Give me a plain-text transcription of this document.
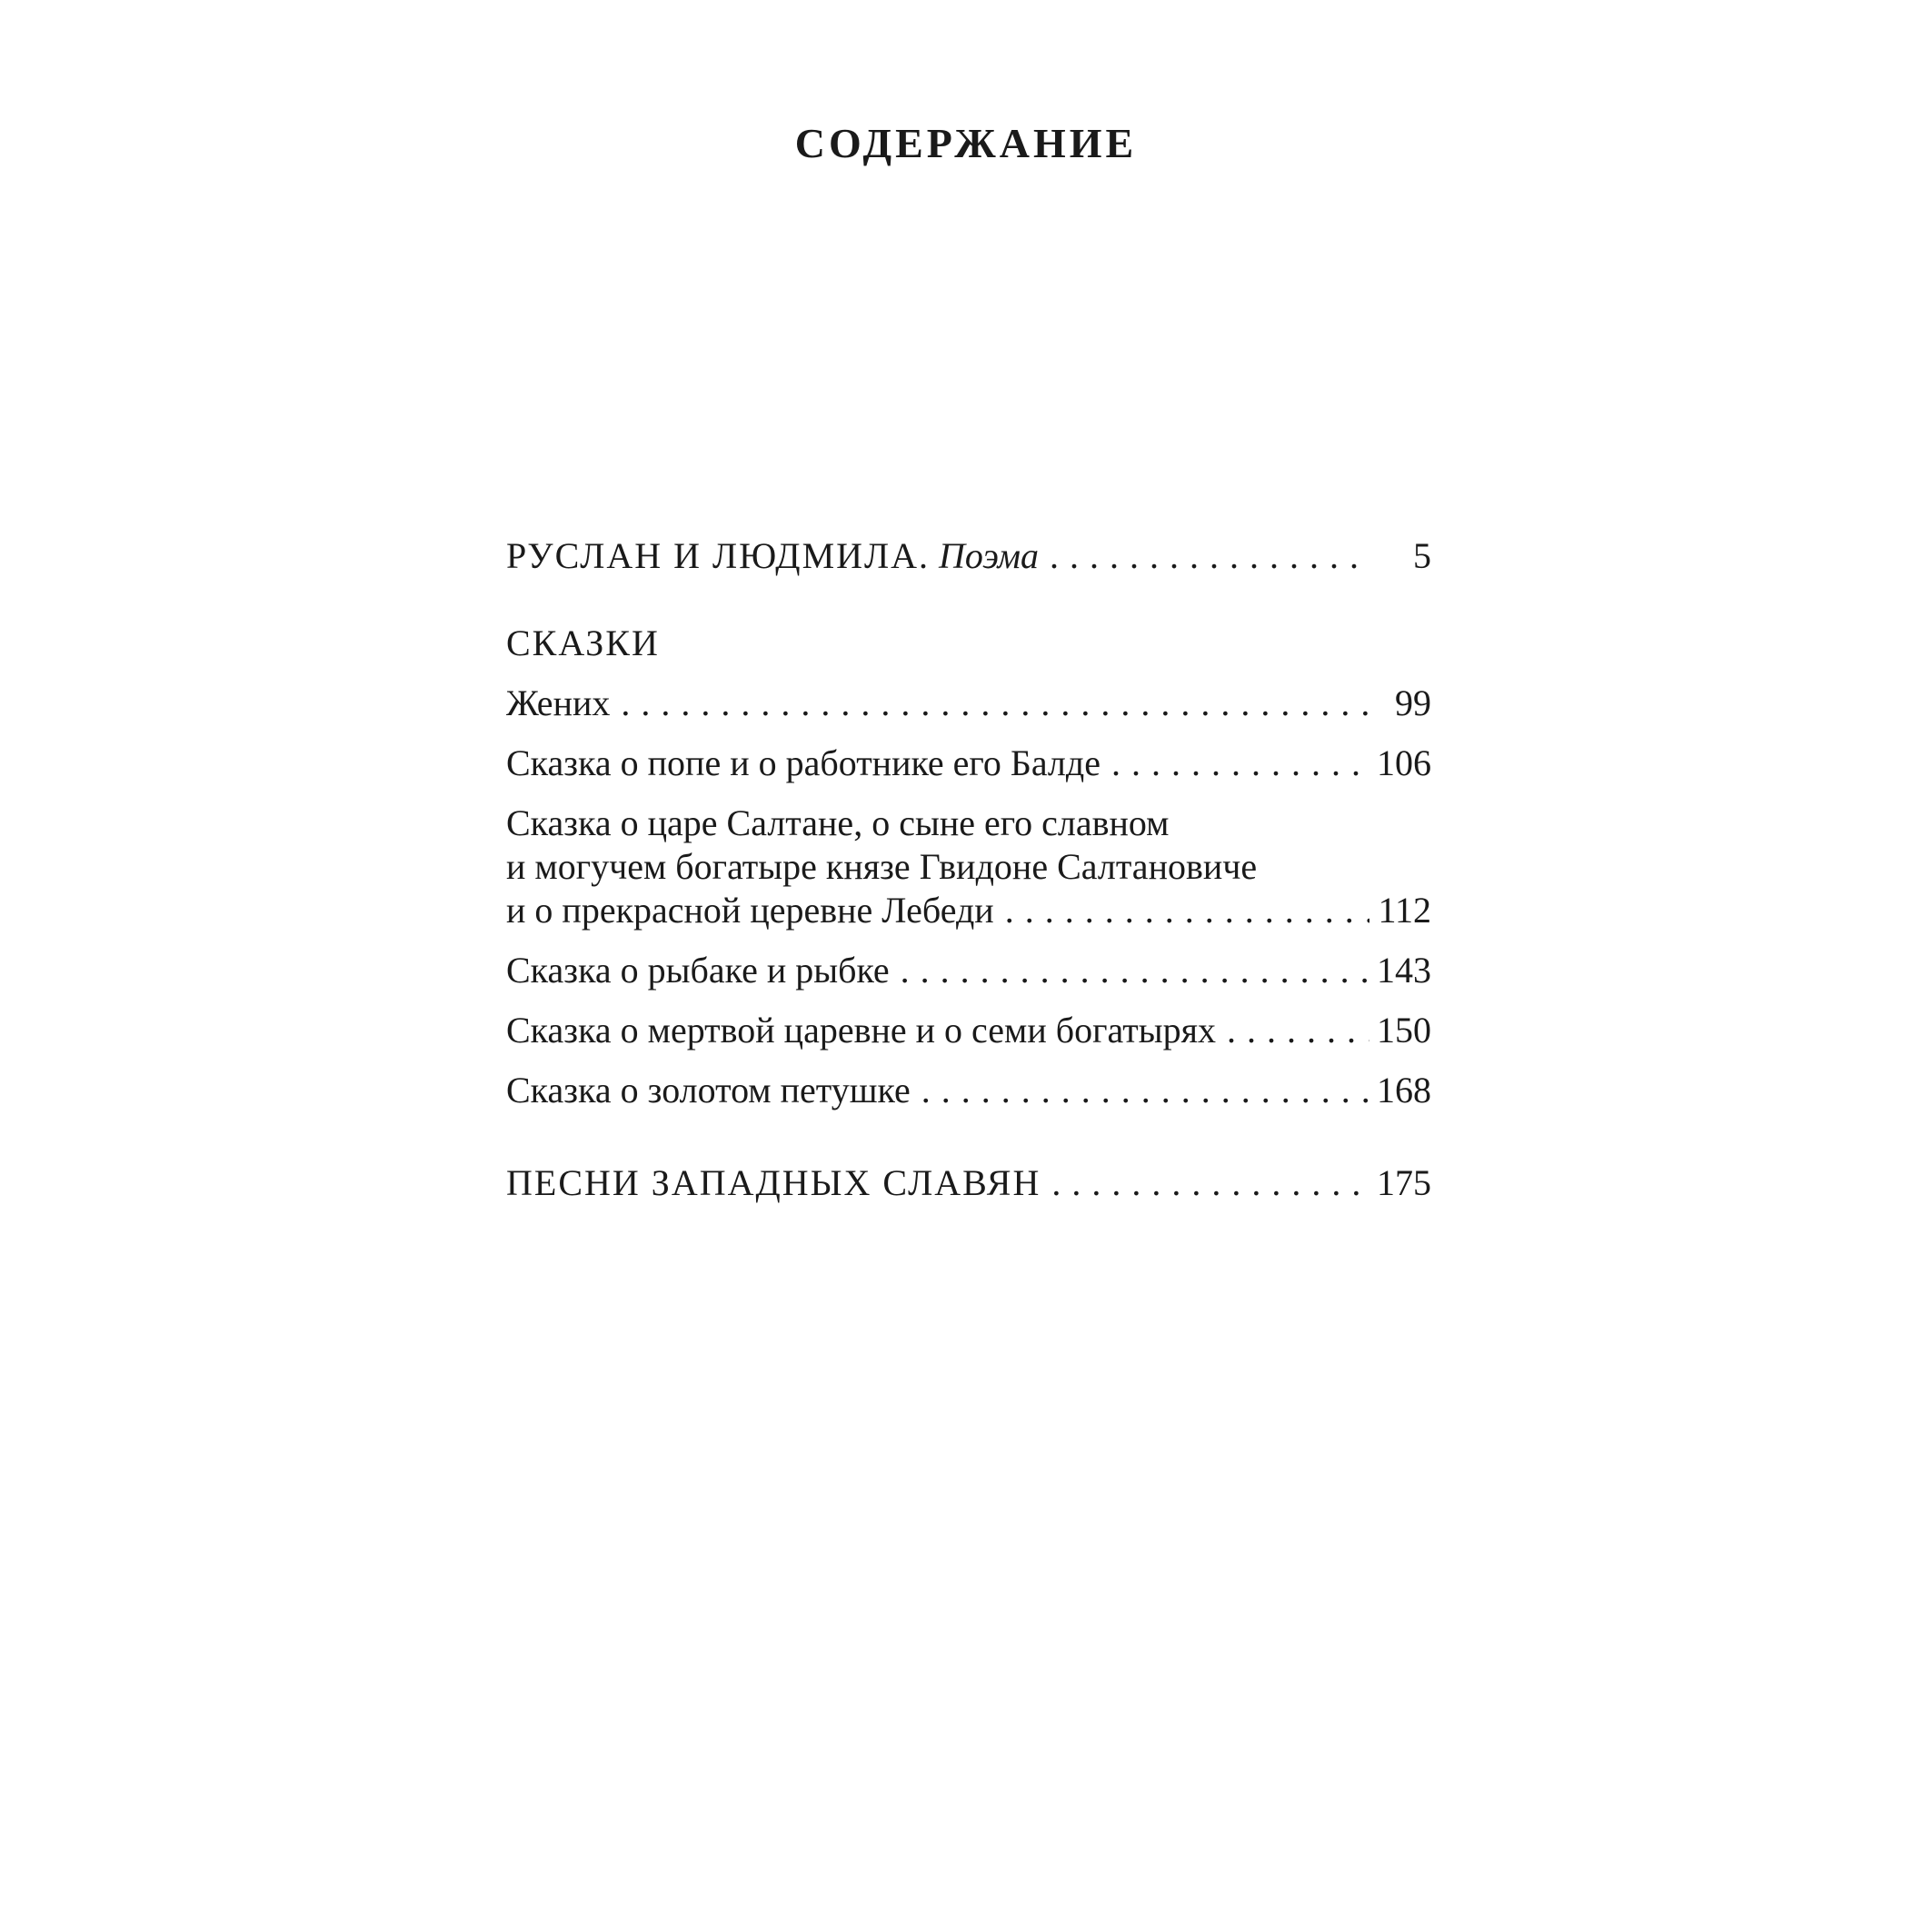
СОДЕРЖАНИЕ
РУСЛАН И ЛЮДМИЛА. Поэма . . .	5
СКАЗКИ
Жених . . .	99
Сказка о попе и о работнике его Балде . . .	106
Сказка о царе Салтане, о сыне его славном
и могучем богатыре князе Гвидоне Салтановиче
и о прекрасной церевне Лебеди . . .	112
Сказка о рыбаке и рыбке . . .	143
Сказка о мертвой царевне и о семи богатырях . . .	150
Сказка о золотом петушке . . .	168
ПЕСНИ ЗАПАДНЫХ СЛАВЯН . . .	175
